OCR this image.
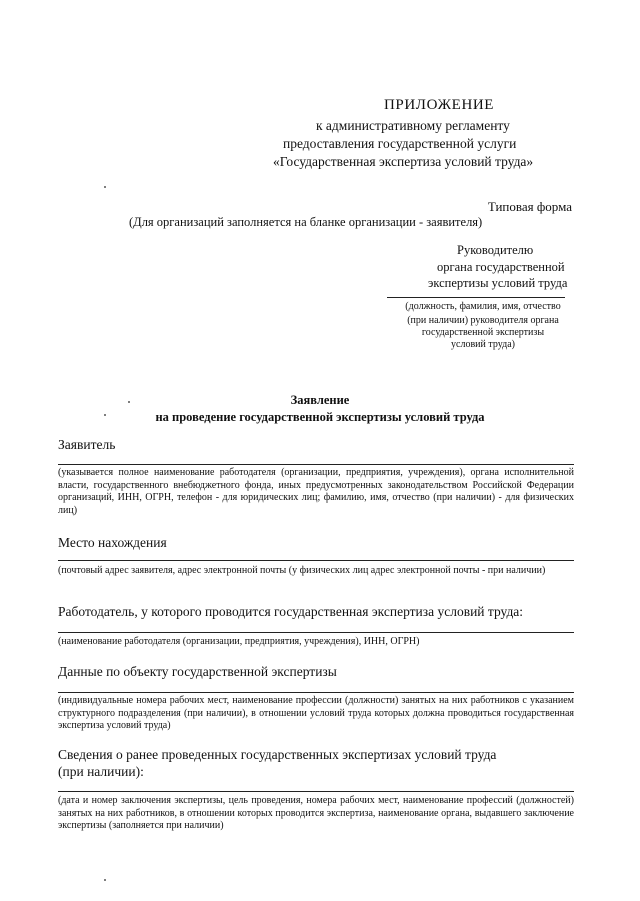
ПРИЛОЖЕНИЕ
к административному регламенту
предоставления государственной услуги
«Государственная экспертиза условий труда»
Типовая форма
(Для организаций заполняется на бланке организации - заявителя)
Руководителю
органа государственной
экспертизы условий труда
(должность, фамилия, имя, отчество
(при наличии) руководителя органа
государственной экспертизы
условий труда)
Заявление
на проведение государственной экспертизы условий труда
Заявитель
(указывается полное наименование работодателя (организации, предприятия, учреждения), органа исполнительной власти, государственного внебюджетного фонда, иных предусмотренных законодательством Российской Федерации организаций, ИНН, ОГРН, телефон - для юридических лиц; фамилию, имя, отчество (при наличии) - для физических лиц)
Место нахождения
(почтовый адрес заявителя, адрес электронной почты (у физических лиц адрес электронной почты - при наличии)
Работодатель, у которого проводится государственная экспертиза условий труда:
(наименование работодателя (организации, предприятия, учреждения), ИНН, ОГРН)
Данные по объекту государственной экспертизы
(индивидуальные номера рабочих мест, наименование профессии (должности) занятых на них работников с указанием структурного подразделения (при наличии), в отношении условий труда которых должна проводиться государственная экспертиза условий труда)
Сведения о ранее проведенных государственных экспертизах условий труда
(при наличии):
(дата и номер заключения экспертизы, цель проведения, номера рабочих мест, наименование профессий (должностей) занятых на них работников, в отношении которых проводится экспертиза, наименование органа, выдавшего заключение экспертизы (заполняется при наличии)
